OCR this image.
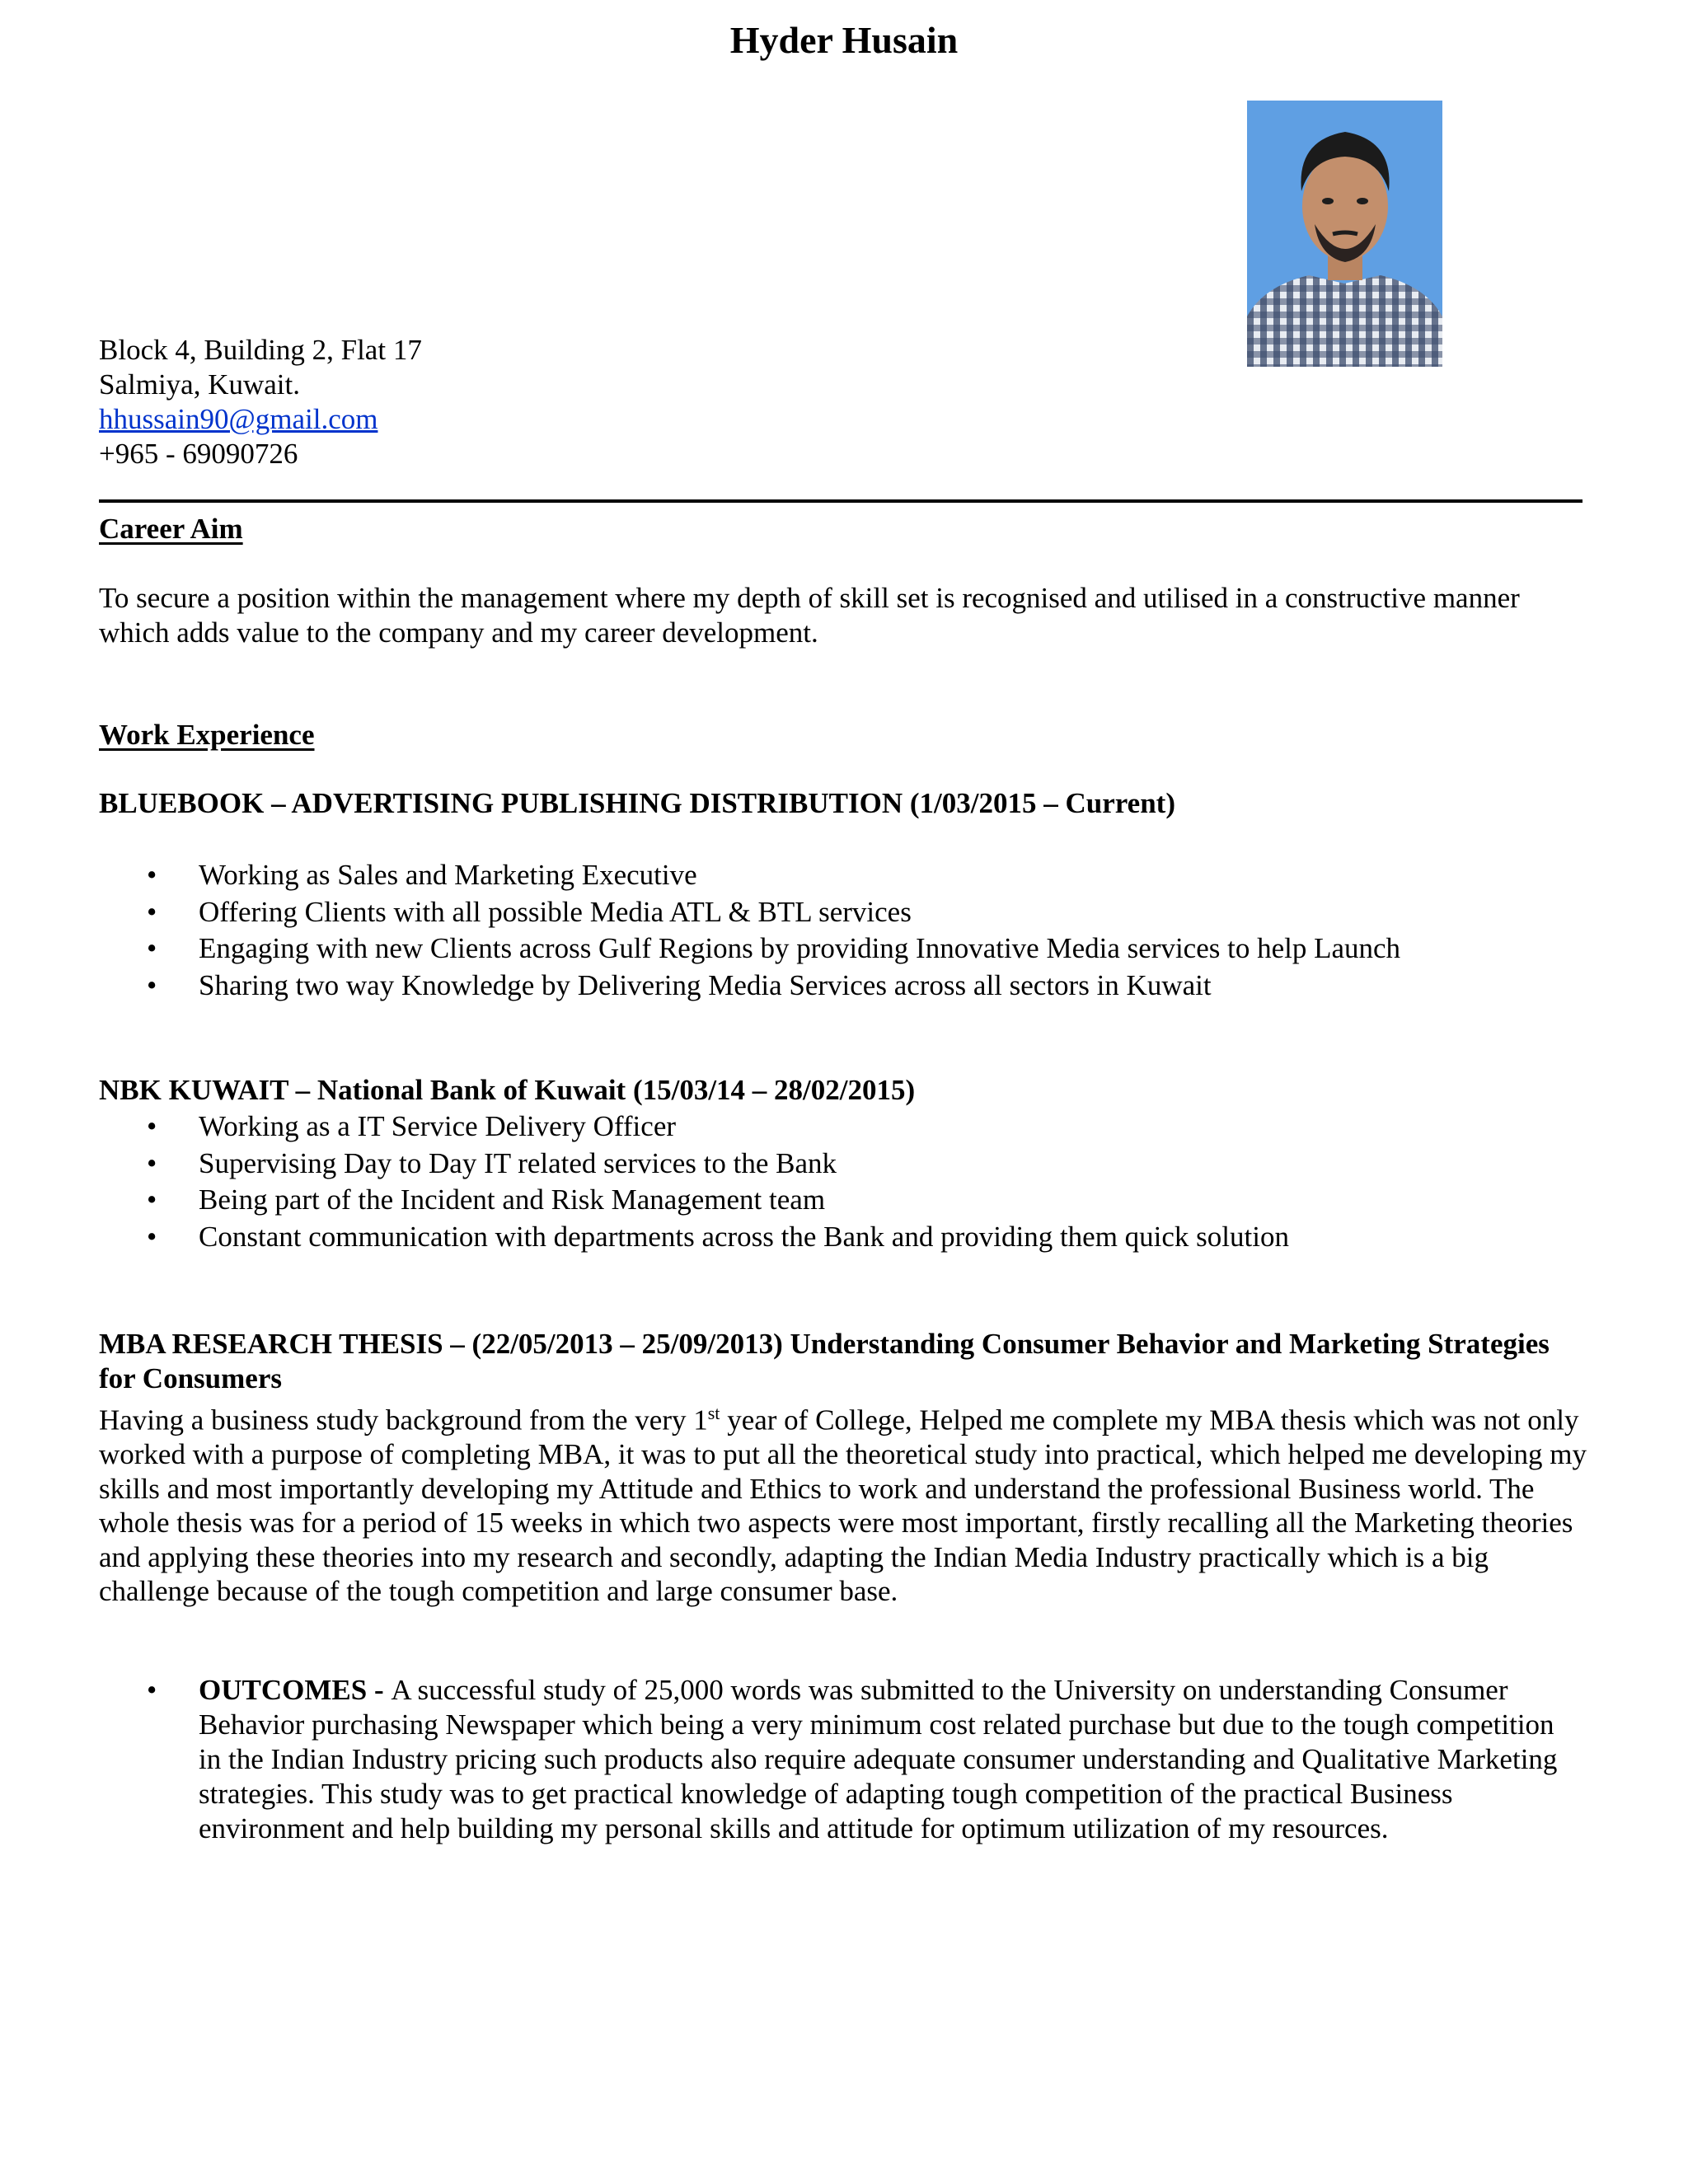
Hyder Husain
Block 4, Building 2, Flat 17
Salmiya, Kuwait.
hhussain90@gmail.com
+965 - 69090726
Career Aim
To secure a position within the management where my depth of skill set is recognised and utilised in a constructive manner which adds value to the company and my career development.
Work Experience
BLUEBOOK – ADVERTISING PUBLISHING DISTRIBUTION (1/03/2015 – Current)
• Working as Sales and Marketing Executive
• Offering Clients with all possible Media ATL & BTL services
• Engaging with new Clients across Gulf Regions by providing Innovative Media services to help Launch
• Sharing two way Knowledge by Delivering Media Services across all sectors in Kuwait
NBK KUWAIT – National Bank of Kuwait (15/03/14 – 28/02/2015)
• Working as a IT Service Delivery Officer
• Supervising Day to Day IT related services to the Bank
• Being part of the Incident and Risk Management team
• Constant communication with departments across the Bank and providing them quick solution
MBA RESEARCH THESIS – (22/05/2013 – 25/09/2013) Understanding Consumer Behavior and Marketing Strategies for Consumers
Having a business study background from the very 1st year of College, Helped me complete my MBA thesis which was not only worked with a purpose of completing MBA, it was to put all the theoretical study into practical, which helped me developing my skills and most importantly developing my Attitude and Ethics to work and understand the professional Business world. The whole thesis was for a period of 15 weeks in which two aspects were most important, firstly recalling all the Marketing theories and applying these theories into my research and secondly, adapting the Indian Media Industry practically which is a big challenge because of the tough competition and large consumer base.
• OUTCOMES - A successful study of 25,000 words was submitted to the University on understanding Consumer Behavior purchasing Newspaper which being a very minimum cost related purchase but due to the tough competition in the Indian Industry pricing such products also require adequate consumer understanding and Qualitative Marketing strategies. This study was to get practical knowledge of adapting tough competition of the practical Business environment and help building my personal skills and attitude for optimum utilization of my resources.
